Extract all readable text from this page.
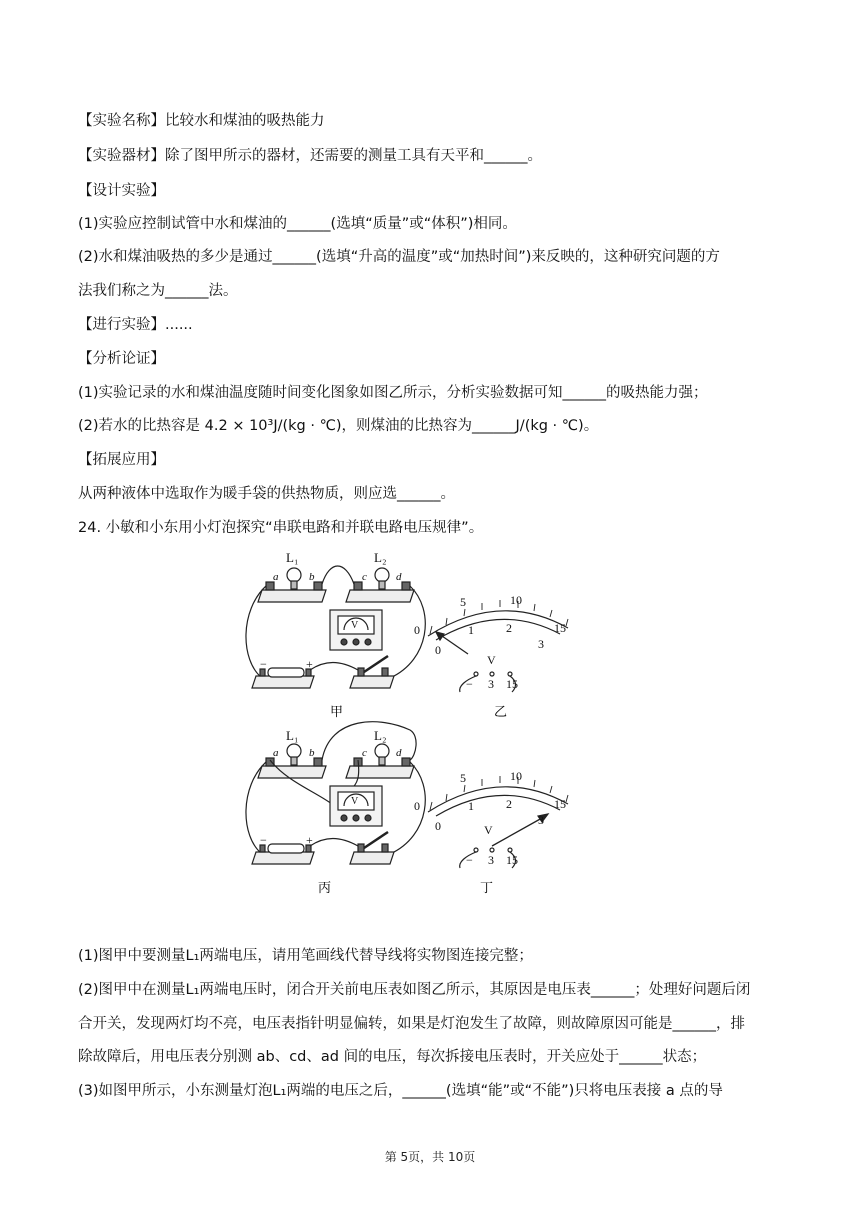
【实验名称】比较水和煤油的吸热能力
【实验器材】除了图甲所示的器材，还需要的测量工具有天平和______。
【设计实验】
(1)实验应控制试管中水和煤油的______(选填“质量”或“体积”)相同。
(2)水和煤油吸热的多少是通过______(选填“升高的温度”或“加热时间”)来反映的，这种研究问题的方
法我们称之为______法。
【进行实验】......
【分析论证】
(1)实验记录的水和煤油温度随时间变化图象如图乙所示，分析实验数据可知______的吸热能力强；
(2)若水的比热容是 4.2 × 10³J/(kg · ℃)，则煤油的比热容为______J/(kg · ℃)。
【拓展应用】
从两种液体中选取作为暖手袋的供热物质，则应选______。
24. 小敏和小东用小灯泡探究“串联电路和并联电路电压规律”。
a	b	c	d
L₁	L₂
V
−	+
甲
0
5	10
15
0
1	2
3
V
− 3 15
乙
a	b	c	d
L₁	L₂
V
−	+
丙
0
5	10
15
0
1	2
3
V
− 3 15
丁
(1)图甲中要测量L₁两端电压，请用笔画线代替导线将实物图连接完整；
(2)图甲中在测量L₁两端电压时，闭合开关前电压表如图乙所示，其原因是电压表______；处理好问题后闭
合开关，发现两灯均不亮，电压表指针明显偏转，如果是灯泡发生了故障，则故障原因可能是______，排
除故障后，用电压表分别测 ab、cd、ad 间的电压，每次拆接电压表时，开关应处于______状态；
(3)如图甲所示，小东测量灯泡L₁两端的电压之后，______(选填“能”或“不能”)只将电压表接 a 点的导
第 5页，共 10页
